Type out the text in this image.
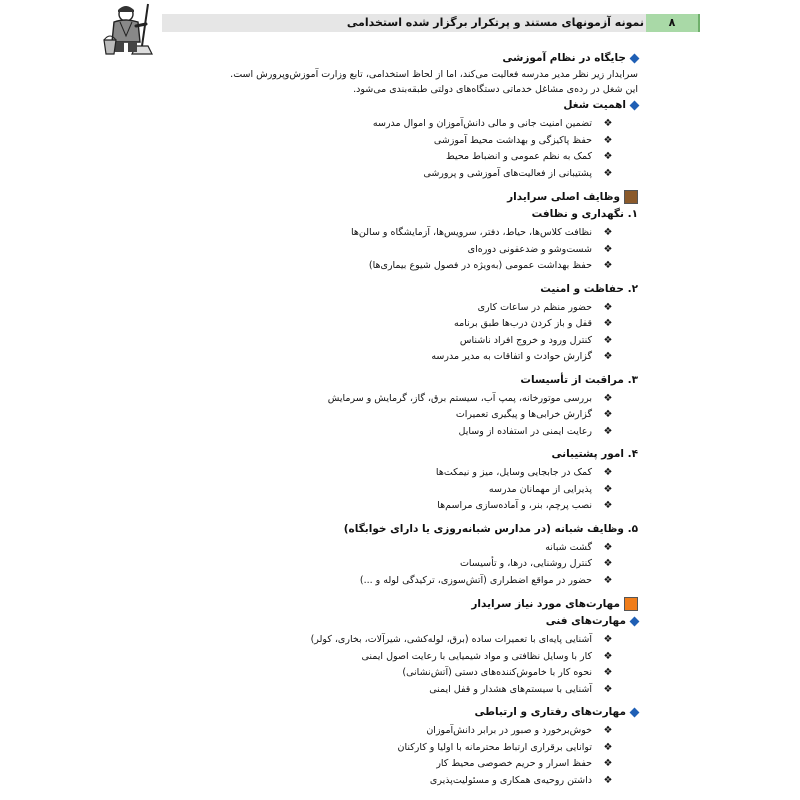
نمونه آزمونهای مستند و پرتکرار برگزار شده استخدامی	۸
جایگاه در نظام آموزشی
سرایدار زیر نظر مدیر مدرسه فعالیت می‌کند، اما از لحاظ استخدامی، تابع وزارت آموزش‌وپرورش است.
این شغل در رده‌ی مشاغل خدماتی دستگاه‌های دولتی طبقه‌بندی می‌شود.
اهمیت شغل
❖
تضمین امنیت جانی و مالی دانش‌آموزان و اموال مدرسه
❖
حفظ پاکیزگی و بهداشت محیط آموزشی
❖
کمک به نظم عمومی و انضباط محیط
❖
پشتیبانی از فعالیت‌های آموزشی و پرورشی
وظایف اصلی سرایدار
۱. نگهداری و نظافت
❖
نظافت کلاس‌ها، حیاط، دفتر، سرویس‌ها، آزمایشگاه و سالن‌ها
❖
شست‌وشو و ضدعفونی دوره‌ای
❖
حفظ بهداشت عمومی (به‌ویژه در فصول شیوع بیماری‌ها)
۲. حفاظت و امنیت
❖
حضور منظم در ساعات کاری
❖
قفل و باز کردن درب‌ها طبق برنامه
❖
کنترل ورود و خروج افراد ناشناس
❖
گزارش حوادث و اتفاقات به مدیر مدرسه
۳. مراقبت از تأسیسات
❖
بررسی موتورخانه، پمپ آب، سیستم برق، گاز، گرمایش و سرمایش
❖
گزارش خرابی‌ها و پیگیری تعمیرات
❖
رعایت ایمنی در استفاده از وسایل
۴. امور پشتیبانی
❖
کمک در جابجایی وسایل، میز و نیمکت‌ها
❖
پذیرایی از مهمانان مدرسه
❖
نصب پرچم، بنر، و آماده‌سازی مراسم‌ها
۵. وظایف شبانه (در مدارس شبانه‌روزی یا دارای خوابگاه)
❖
گشت شبانه
❖
کنترل روشنایی، درها، و تأسیسات
❖
حضور در مواقع اضطراری (آتش‌سوزی، ترکیدگی لوله و ...)
مهارت‌های مورد نیاز سرایدار
مهارت‌های فنی
❖
آشنایی پایه‌ای با تعمیرات ساده (برق، لوله‌کشی، شیرآلات، بخاری، کولر)
❖
کار با وسایل نظافتی و مواد شیمیایی با رعایت اصول ایمنی
❖
نحوه کار با خاموش‌کننده‌های دستی (آتش‌نشانی)
❖
آشنایی با سیستم‌های هشدار و قفل ایمنی
مهارت‌های رفتاری و ارتباطی
❖
خوش‌برخورد و صبور در برابر دانش‌آموزان
❖
توانایی برقراری ارتباط محترمانه با اولیا و کارکنان
❖
حفظ اسرار و حریم خصوصی محیط کار
❖
داشتن روحیه‌ی همکاری و مسئولیت‌پذیری
